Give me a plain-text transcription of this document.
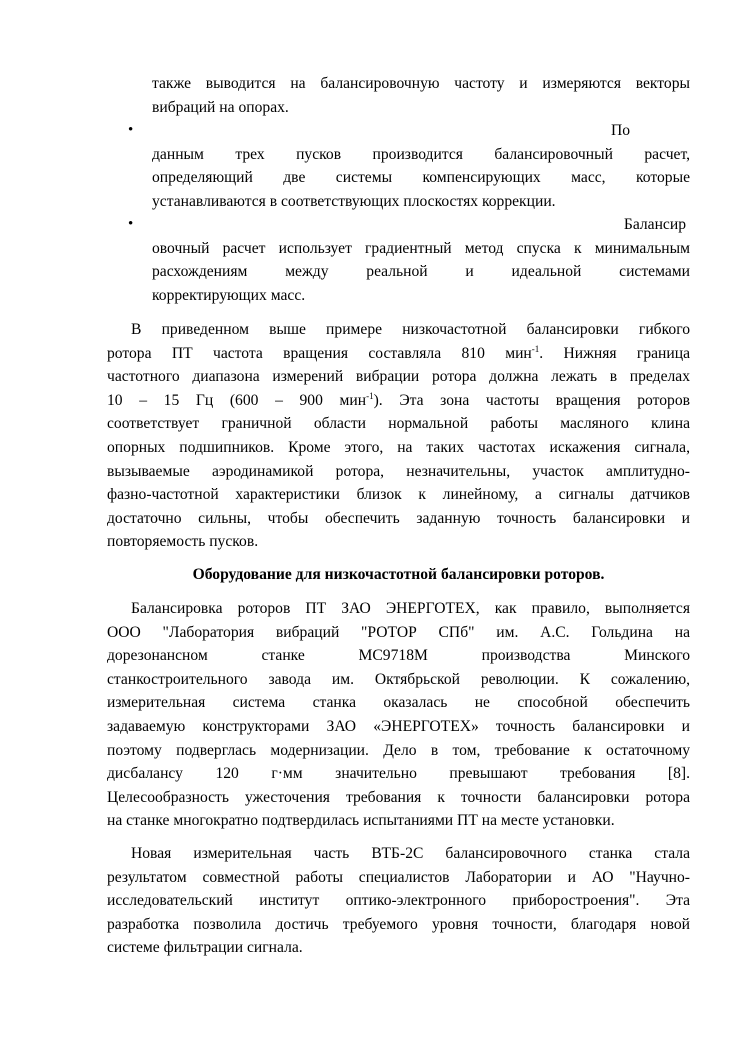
также выводится на балансировочную частоту и измеряются векторы
вибраций на опорах.
•	По
данным трех пусков производится балансировочный расчет,
определяющий две системы компенсирующих масс, которые
устанавливаются в соответствующих плоскостях коррекции.
•	Балансир
овочный расчет использует градиентный метод спуска к минимальным
расхождениям между реальной и идеальной системами
корректирующих масс.
В приведенном выше примере низкочастотной балансировки гибкого
ротора ПТ частота вращения составляла 810 мин$^{-1}$. Нижняя граница
частотного диапазона измерений вибрации ротора должна лежать в пределах
10 – 15 Гц (600 – 900 мин$^{-1}$). Эта зона частоты вращения роторов
соответствует граничной области нормальной работы масляного клина
опорных подшипников. Кроме этого, на таких частотах искажения сигнала,
вызываемые аэродинамикой ротора, незначительны, участок амплитудно-
фазно-частотной характеристики близок к линейному, а сигналы датчиков
достаточно сильны, чтобы обеспечить заданную точность балансировки и
повторяемость пусков.
Оборудование для низкочастотной балансировки роторов.
Балансировка роторов ПТ ЗАО ЭНЕРГОТЕХ, как правило, выполняется
ООО "Лаборатория вибраций "РОТОР СПб" им. А.С. Гольдина на
дорезонансном станке МС9718М производства Минского
станкостроительного завода им. Октябрьской революции. К сожалению,
измерительная система станка оказалась не способной обеспечить
задаваемую конструкторами ЗАО «ЭНЕРГОТЕХ» точность балансировки и
поэтому подверглась модернизации. Дело в том, требование к остаточному
дисбалансу 120 г·мм значительно превышают требования [8].
Целесообразность ужесточения требования к точности балансировки ротора
на станке многократно подтвердилась испытаниями ПТ на месте установки.
Новая измерительная часть ВТБ-2С балансировочного станка стала
результатом совместной работы специалистов Лаборатории и АО "Научно-
исследовательский институт оптико-электронного приборостроения". Эта
разработка позволила достичь требуемого уровня точности, благодаря новой
системе фильтрации сигнала.
